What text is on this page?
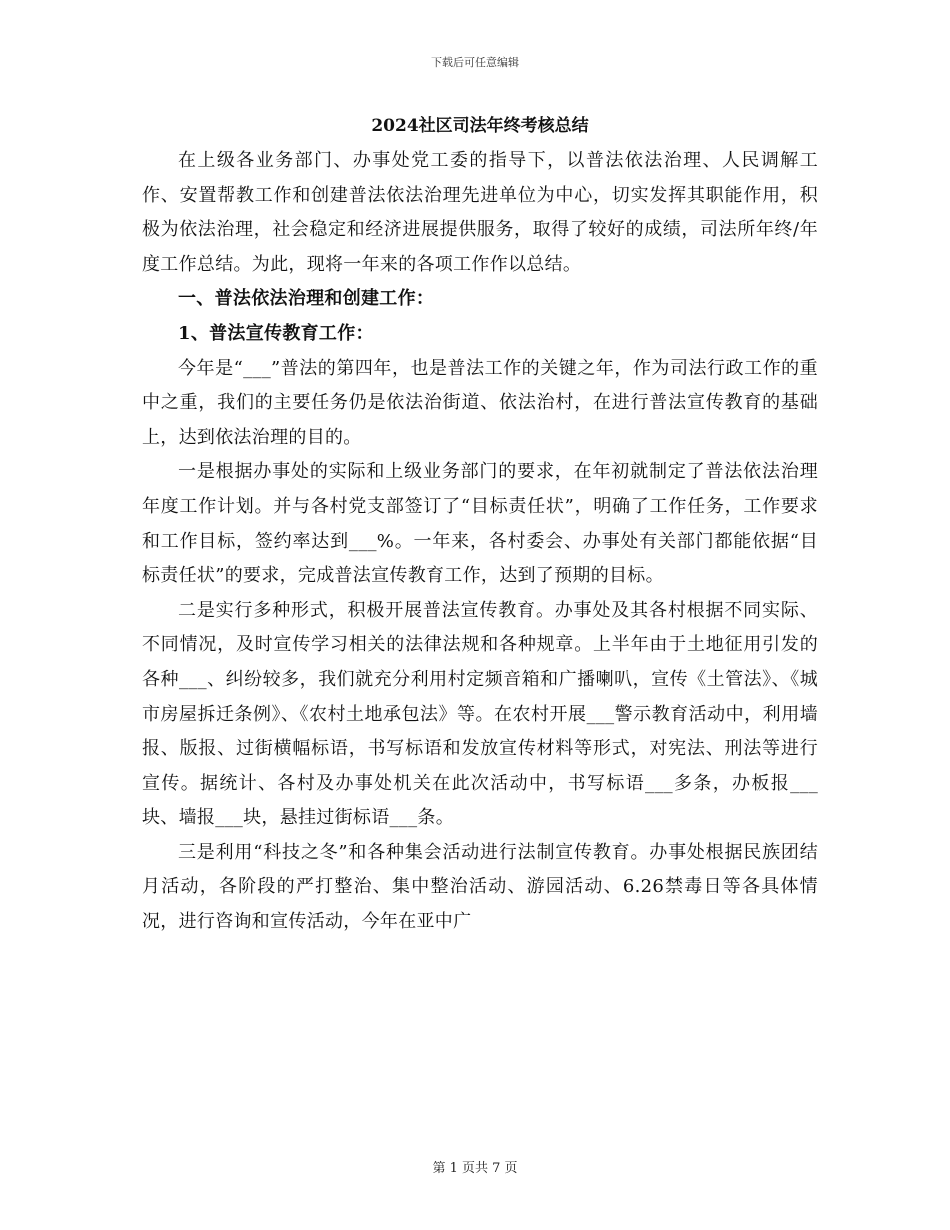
下载后可任意编辑

2024社区司法年终考核总结

在上级各业务部门、办事处党工委的指导下，以普法依法治理、人民调解工作、安置帮教工作和创建普法依法治理先进单位为中心，切实发挥其职能作用，积极为依法治理，社会稳定和经济进展提供服务，取得了较好的成绩，司法所年终/年度工作总结。为此，现将一年来的各项工作作以总结。

一、普法依法治理和创建工作：

1、普法宣传教育工作：

今年是“___”普法的第四年，也是普法工作的关键之年，作为司法行政工作的重中之重，我们的主要任务仍是依法治街道、依法治村，在进行普法宣传教育的基础上，达到依法治理的目的。

一是根据办事处的实际和上级业务部门的要求，在年初就制定了普法依法治理年度工作计划。并与各村党支部签订了“目标责任状”，明确了工作任务，工作要求和工作目标，签约率达到___%。一年来，各村委会、办事处有关部门都能依据“目标责任状”的要求，完成普法宣传教育工作，达到了预期的目标。

二是实行多种形式，积极开展普法宣传教育。办事处及其各村根据不同实际、不同情况，及时宣传学习相关的法律法规和各种规章。上半年由于土地征用引发的各种___、纠纷较多，我们就充分利用村定频音箱和广播喇叭，宣传《土管法》、《城市房屋拆迁条例》、《农村土地承包法》等。在农村开展___警示教育活动中，利用墙报、版报、过街横幅标语，书写标语和发放宣传材料等形式，对宪法、刑法等进行宣传。据统计、各村及办事处机关在此次活动中，书写标语___多条，办板报___块、墙报___块，悬挂过街标语___条。

三是利用“科技之冬”和各种集会活动进行法制宣传教育。办事处根据民族团结月活动，各阶段的严打整治、集中整治活动、游园活动、6.26禁毒日等各具体情况，进行咨询和宣传活动，今年在亚中广

第 1 页共 7 页
